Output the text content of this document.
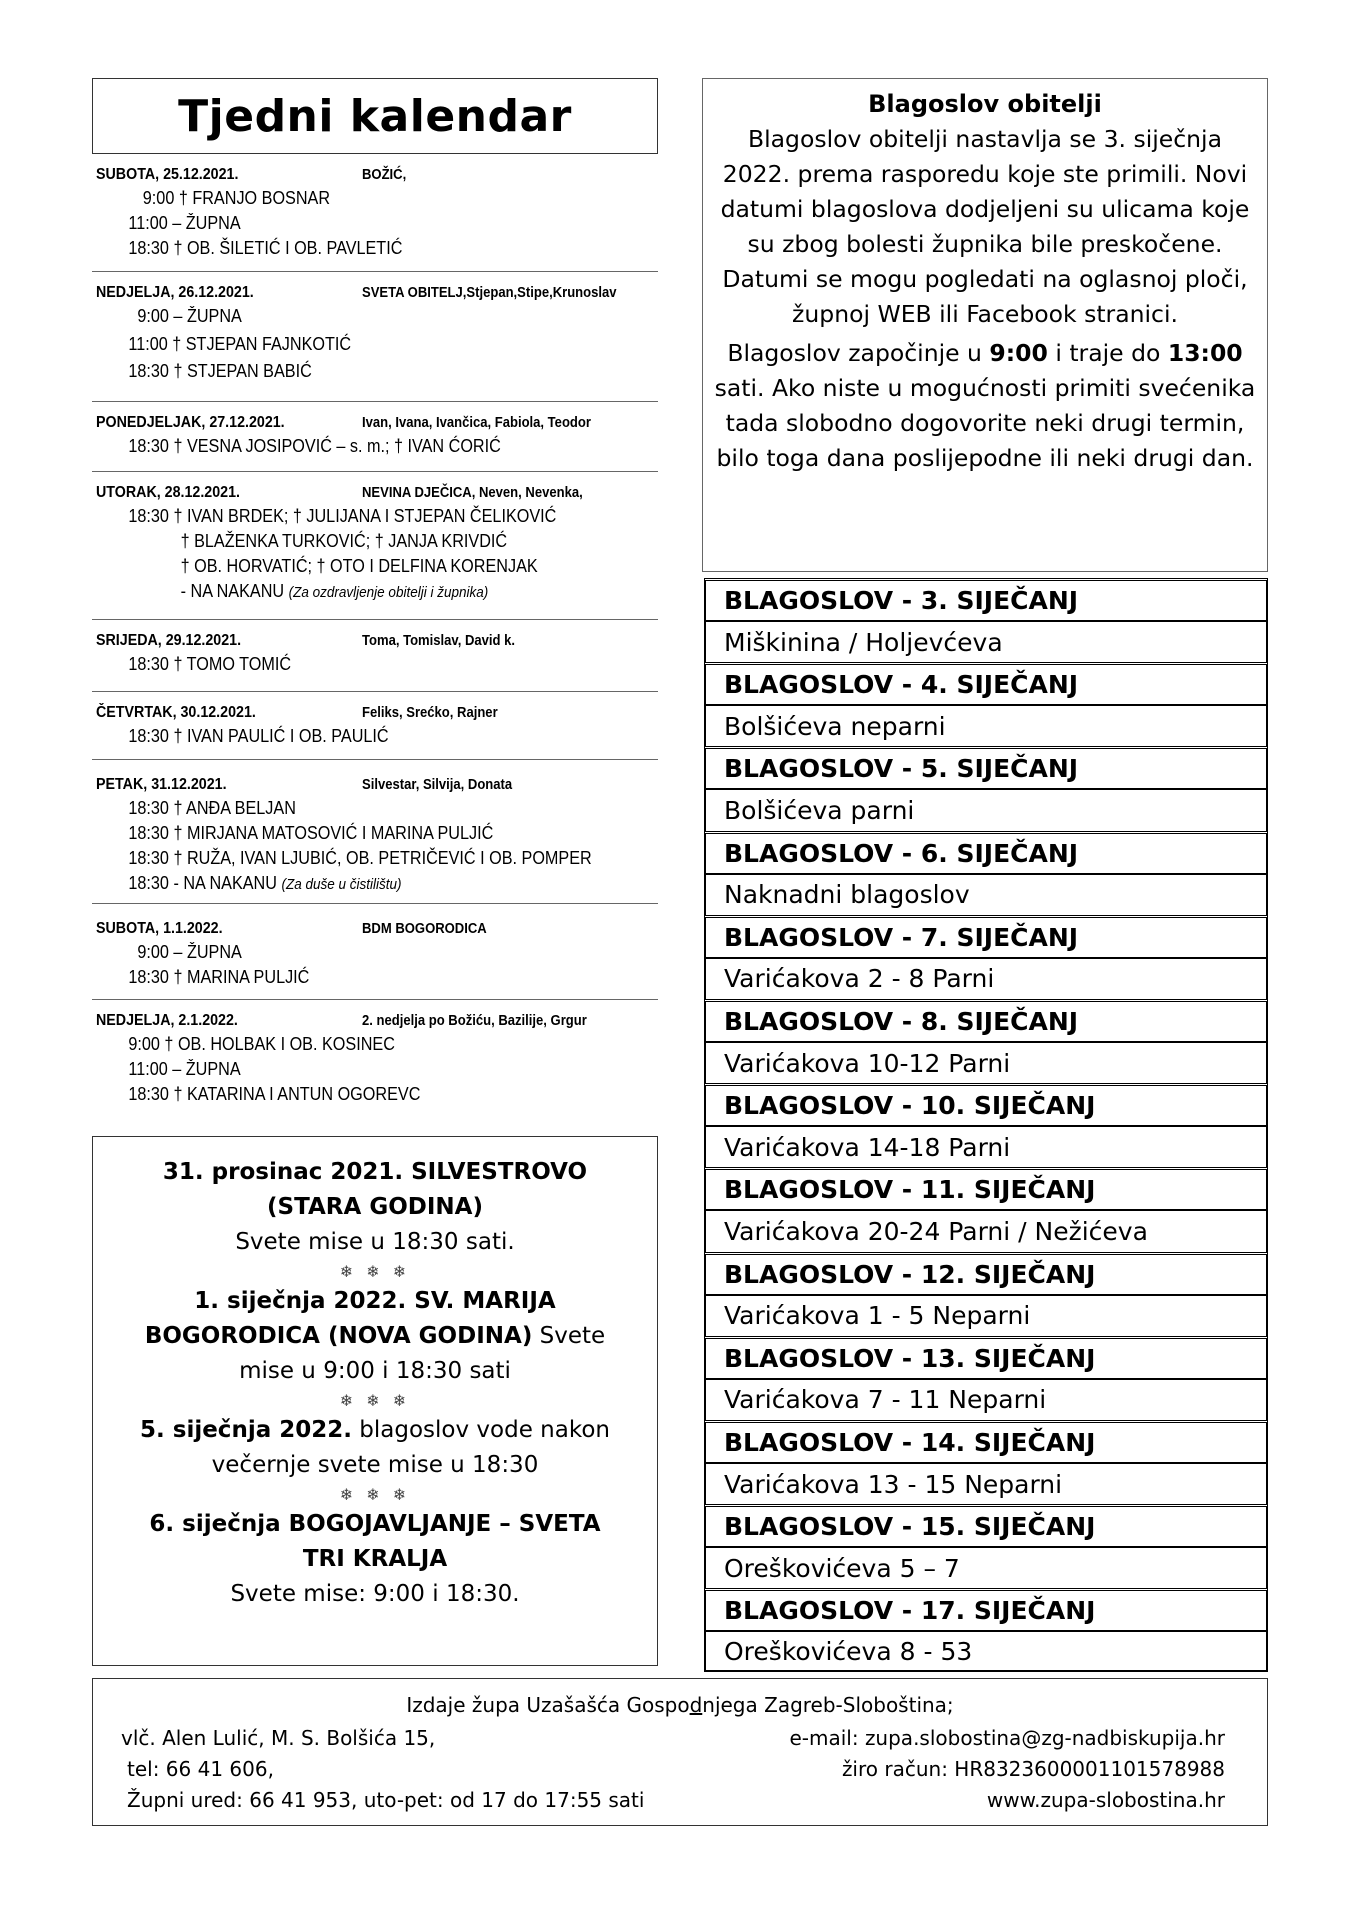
Tjedni kalendar
SUBOTA, 25.12.2021.	BOŽIĆ,
9:00 † FRANJO BOSNAR
11:00 – ŽUPNA
18:30 † OB. ŠILETIĆ I OB. PAVLETIĆ
NEDJELJA, 26.12.2021.	SVETA OBITELJ,Stjepan,Stipe,Krunoslav
9:00 – ŽUPNA
11:00 † STJEPAN FAJNKOTIĆ
18:30 † STJEPAN BABIĆ
PONEDJELJAK, 27.12.2021.	Ivan, Ivana, Ivančica, Fabiola, Teodor
18:30 † VESNA JOSIPOVIĆ – s. m.; † IVAN ĆORIĆ
UTORAK, 28.12.2021.	NEVINA DJEČICA, Neven, Nevenka,
18:30 † IVAN BRDEK; † JULIJANA I STJEPAN ČELIKOVIĆ
† BLAŽENKA TURKOVIĆ; † JANJA KRIVDIĆ
† OB. HORVATIĆ; † OTO I DELFINA KORENJAK
- NA NAKANU (Za ozdravljenje obitelji i župnika)
SRIJEDA, 29.12.2021.	Toma, Tomislav, David k.
18:30 † TOMO TOMIĆ
ČETVRTAK, 30.12.2021.	Feliks, Srećko, Rajner
18:30 † IVAN PAULIĆ I OB. PAULIĆ
PETAK, 31.12.2021.	Silvestar, Silvija, Donata
18:30 † ANĐA BELJAN
18:30 † MIRJANA MATOSOVIĆ I MARINA PULJIĆ
18:30 † RUŽA, IVAN LJUBIĆ, OB. PETRIČEVIĆ I OB. POMPER
18:30 - NA NAKANU (Za duše u čistilištu)
SUBOTA, 1.1.2022.	BDM BOGORODICA
9:00 – ŽUPNA
18:30 † MARINA PULJIĆ
NEDJELJA, 2.1.2022.	2. nedjelja po Božiću, Bazilije, Grgur
9:00 † OB. HOLBAK I OB. KOSINEC
11:00 – ŽUPNA
18:30 † KATARINA I ANTUN OGOREVC
31. prosinac 2021. SILVESTROVO (STARA GODINA)
Svete mise u 18:30 sati.
❄ ❄ ❄
1. siječnja 2022. SV. MARIJA BOGORODICA (NOVA GODINA) Svete
mise u 9:00 i 18:30 sati
❄ ❄ ❄
5. siječnja 2022. blagoslov vode nakon večernje svete mise u 18:30
❄ ❄ ❄
6. siječnja BOGOJAVLJANJE – SVETA TRI KRALJA
Svete mise: 9:00 i 18:30.
Blagoslov obitelji

Blagoslov obitelji nastavlja se 3. siječnja 2022. prema rasporedu koje ste primili. Novi datumi blagoslova dodjeljeni su ulicama koje su zbog bolesti župnika bile preskočene.

Datumi se mogu pogledati na oglasnoj ploči, župnoj WEB ili Facebook stranici.

Blagoslov započinje u 9:00 i traje do 13:00 sati. Ako niste u mogućnosti primiti svećenika tada slobodno dogovorite neki drugi termin, bilo toga dana poslijepodne ili neki drugi dan.

BLAGOSLOV - 3. SIJEČANJ
Miškinina / Holjevćeva
BLAGOSLOV - 4. SIJEČANJ
Bolšićeva neparni
BLAGOSLOV - 5. SIJEČANJ
Bolšićeva parni
BLAGOSLOV - 6. SIJEČANJ
Naknadni blagoslov
BLAGOSLOV - 7. SIJEČANJ
Varićakova 2 - 8 Parni
BLAGOSLOV - 8. SIJEČANJ
Varićakova 10-12 Parni
BLAGOSLOV - 10. SIJEČANJ
Varićakova 14-18 Parni
BLAGOSLOV - 11. SIJEČANJ
Varićakova 20-24 Parni / Nežićeva
BLAGOSLOV - 12. SIJEČANJ
Varićakova 1 - 5 Neparni
BLAGOSLOV - 13. SIJEČANJ
Varićakova 7 - 11 Neparni
BLAGOSLOV - 14. SIJEČANJ
Varićakova 13 - 15 Neparni
BLAGOSLOV - 15. SIJEČANJ
Oreškovićeva 5 – 7
BLAGOSLOV - 17. SIJEČANJ
Oreškovićeva 8 - 53
Izdaje župa Uzašašća Gospodnjega Zagreb-Sloboština;
vlč. Alen Lulić, M. S. Bolšića 15,
tel: 66 41 606,
Župni ured: 66 41 953, uto-pet: od 17 do 17:55 sati
e-mail: zupa.slobostina@zg-nadbiskupija.hr
žiro račun: HR8323600001101578988
www.zupa-slobostina.hr
